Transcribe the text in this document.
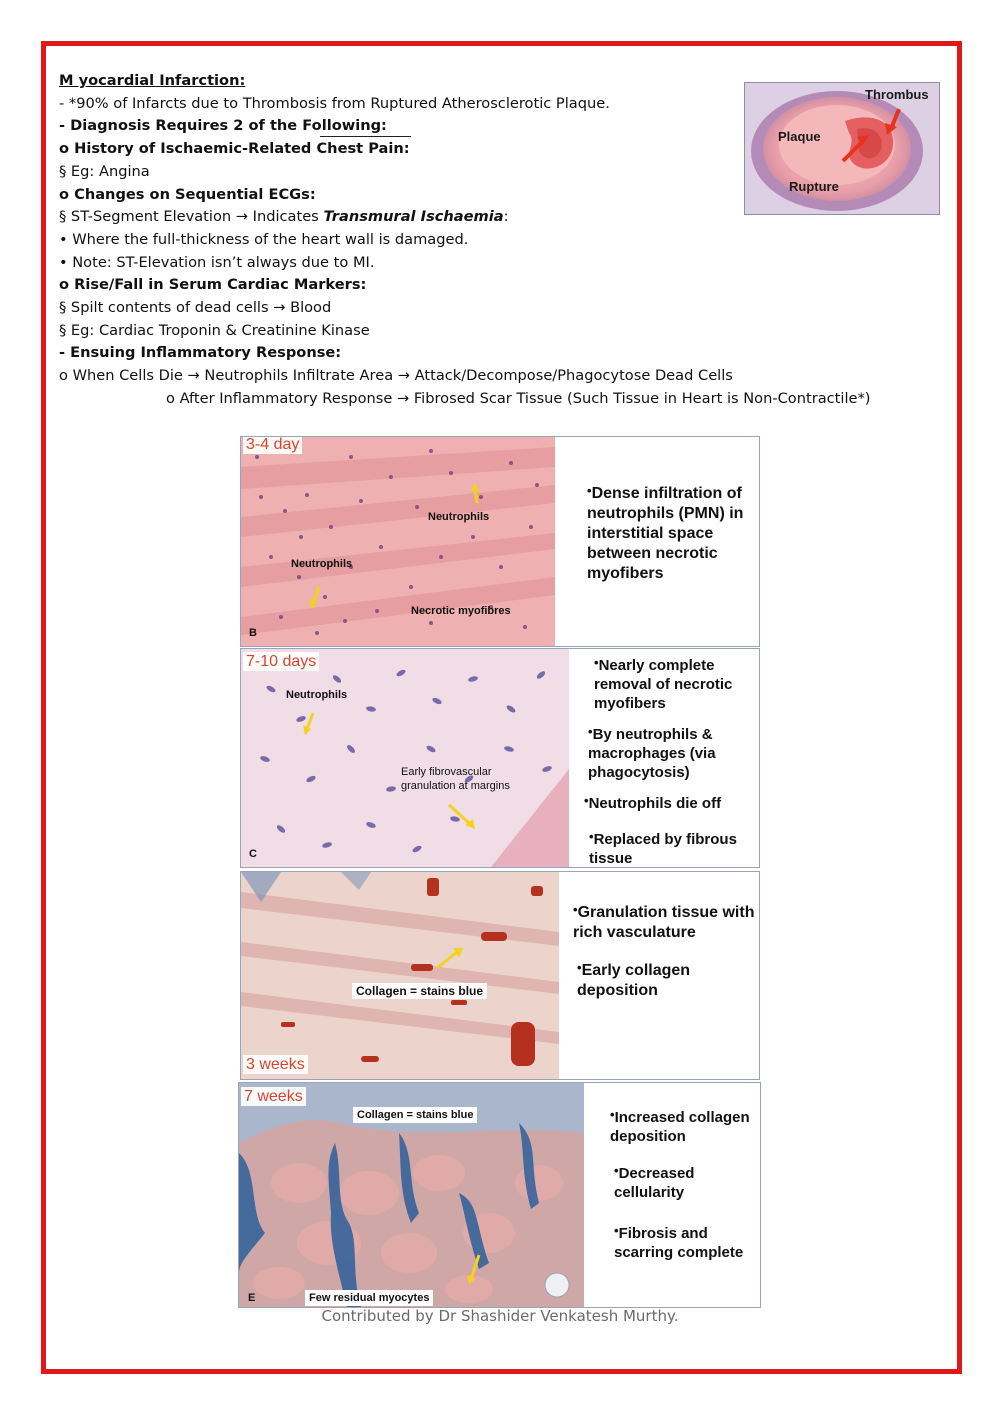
M yocardial Infarction:
- *90% of Infarcts due to Thrombosis from Ruptured Atherosclerotic Plaque.
- Diagnosis Requires 2 of the Following:
o History of Ischaemic-Related Chest Pain:
§ Eg: Angina
o Changes on Sequential ECGs:
§ ST-Segment Elevation → Indicates Transmural Ischaemia:
• Where the full-thickness of the heart wall is damaged.
• Note: ST-Elevation isn’t always due to MI.
o Rise/Fall in Serum Cardiac Markers:
§ Spilt contents of dead cells → Blood
§ Eg: Cardiac Troponin & Creatinine Kinase
- Ensuing Inflammatory Response:
o When Cells Die → Neutrophils Infiltrate Area → Attack/Decompose/Phagocytose Dead Cells
o After Inflammatory Response → Fibrosed Scar Tissue (Such Tissue in Heart is Non-Contractile*)
Thrombus
Plaque
Rupture
3-4 day
Neutrophils
Neutrophils
Necrotic myofibres
B
•Dense infiltration of neutrophils (PMN) in interstitial space between necrotic myofibers
7-10 days
Neutrophils
Early fibrovascular
granulation at margins
C
•Nearly complete removal of necrotic myofibers
•By neutrophils & macrophages (via phagocytosis)
•Neutrophils die off
•Replaced by fibrous tissue
Collagen = stains blue
3 weeks
•Granulation tissue with rich vasculature
•Early collagen deposition
7 weeks
Collagen = stains blue
Few residual myocytes
E
•Increased collagen deposition
•Decreased cellularity
•Fibrosis and scarring complete
Contributed by Dr Shashider Venkatesh Murthy.
